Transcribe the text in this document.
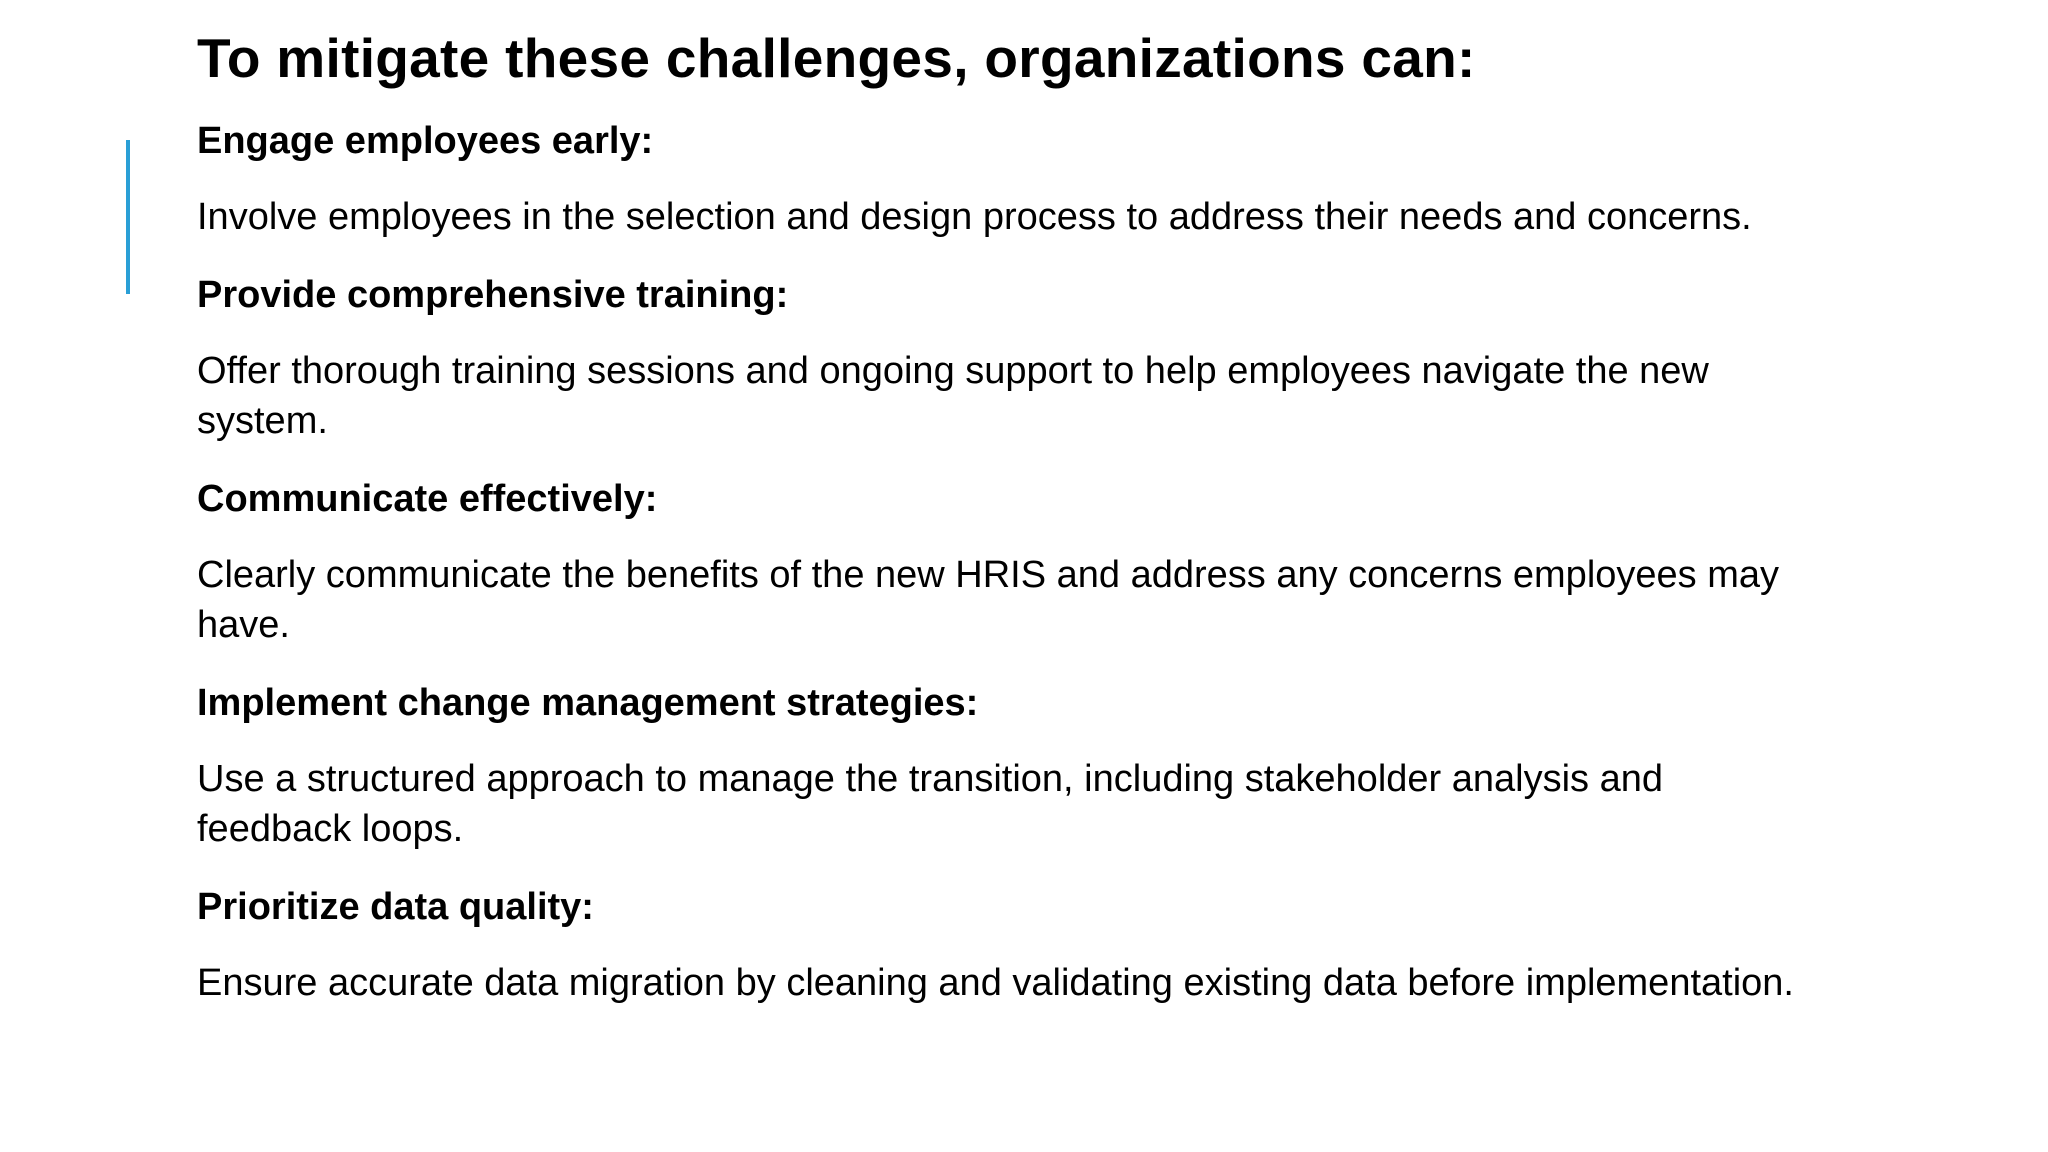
To mitigate these challenges, organizations can:

Engage employees early:

Involve employees in the selection and design process to address their needs and concerns.

Provide comprehensive training:

Offer thorough training sessions and ongoing support to help employees navigate the new system.

Communicate effectively:

Clearly communicate the benefits of the new HRIS and address any concerns employees may have.

Implement change management strategies:

Use a structured approach to manage the transition, including stakeholder analysis and feedback loops.

Prioritize data quality:

Ensure accurate data migration by cleaning and validating existing data before implementation.
